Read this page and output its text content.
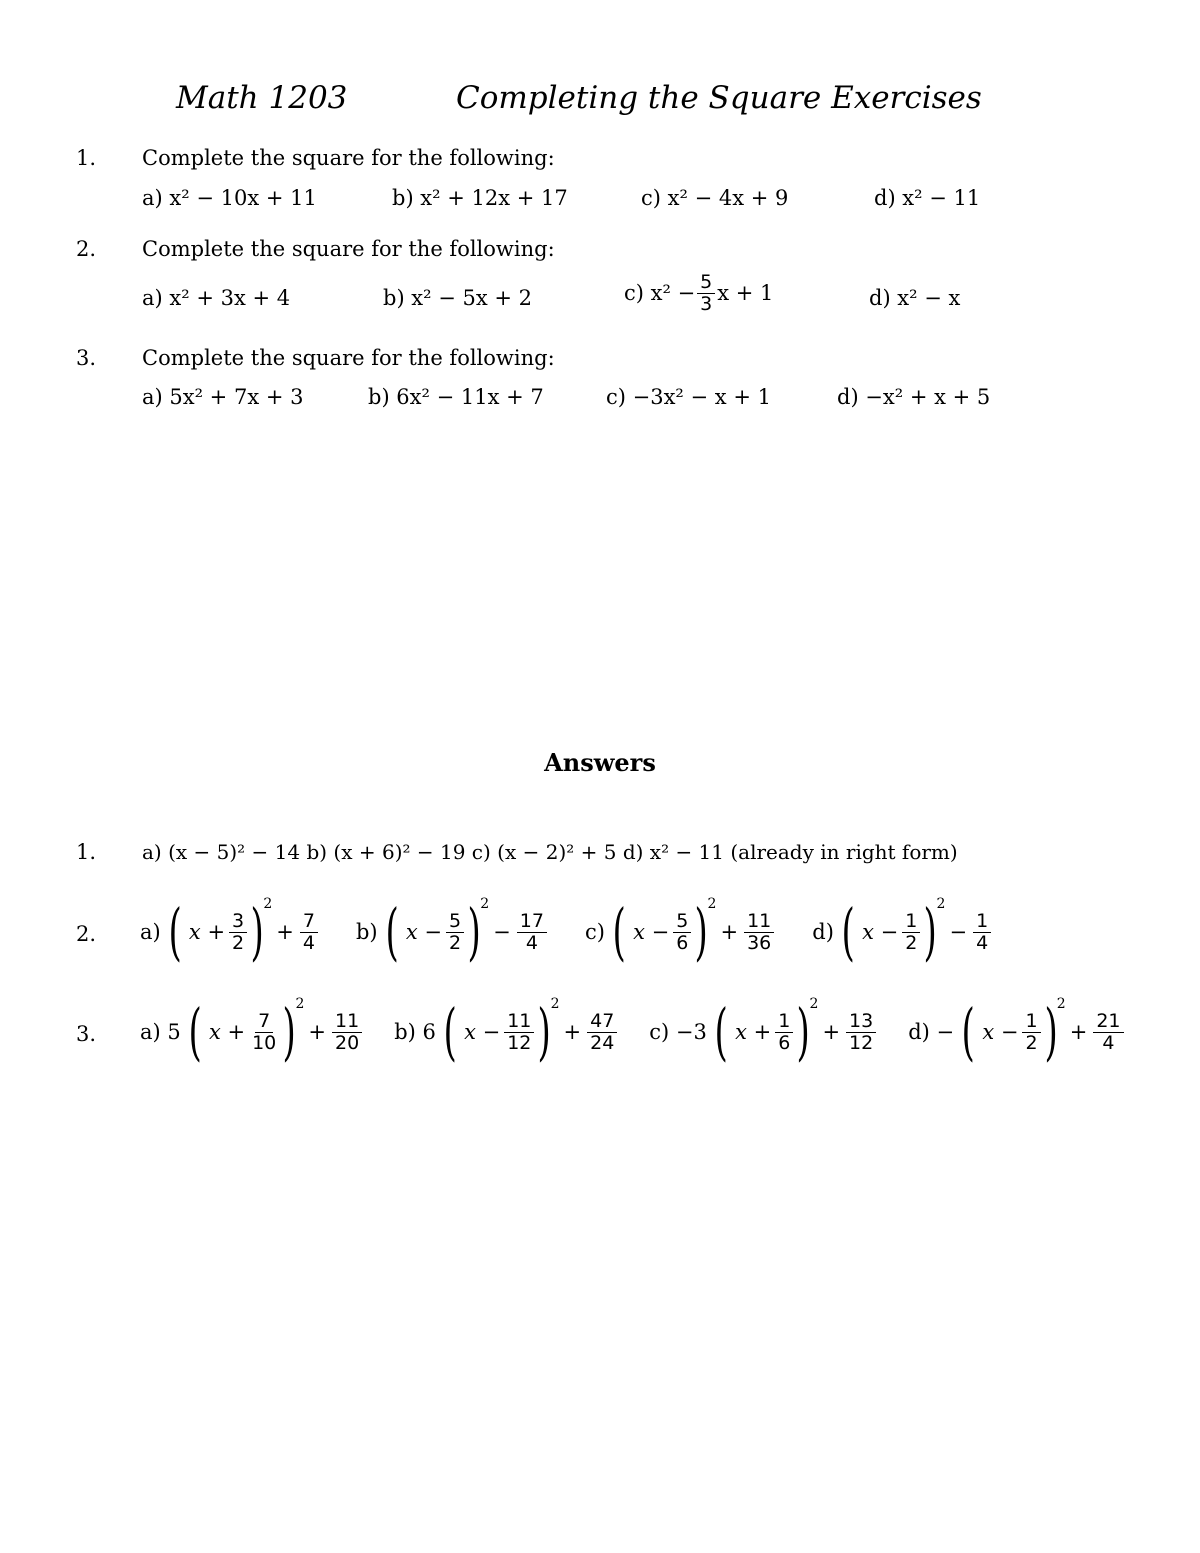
Math 1203	Completing the Square Exercises
1. Complete the square for the following:
a) x² − 10x + 11	b) x² + 12x + 17	c) x² − 4x + 9	d) x² − 11
2. Complete the square for the following:
a) x² + 3x + 4	b) x² − 5x + 2	c) $x^2 - \frac{5}{3}$ x + 1	d) x² − x
3. Complete the square for the following:
a) 5x² + 7x + 3	b) 6x² − 11x + 7	c) −3x² − x + 1	d) −x² + x + 5
Answers
1. a) (x − 5)² − 14 b) (x + 6)² − 19 c) (x − 2)² + 5 d) x² − 11 (already in right form)
2. a) ( $x + \frac{3}{2}$ ) 2
+ $\frac{7}{4} b$) ( $x - \frac{5}{2}$ ) 2
− $\frac{17}{4} c$) ( $x - \frac{5}{6}$ ) 2
+ $\frac{11}{36} d$) ( $x - \frac{1}{2}$ ) 2
− $\frac{1}{4}$
3. a) 5 ( $x + \frac{7}{10}$ ) 2
+ $\frac{11}{20} b$) 6 ( $x - \frac{11}{12}$ ) 2
+ $\frac{47}{24} c) -3$ ( $x + \frac{1}{6}$ ) 2
+ $\frac{13}{12} d$) − ( $x - \frac{1}{2}$ ) 2
+ $\frac{21}{4}$
